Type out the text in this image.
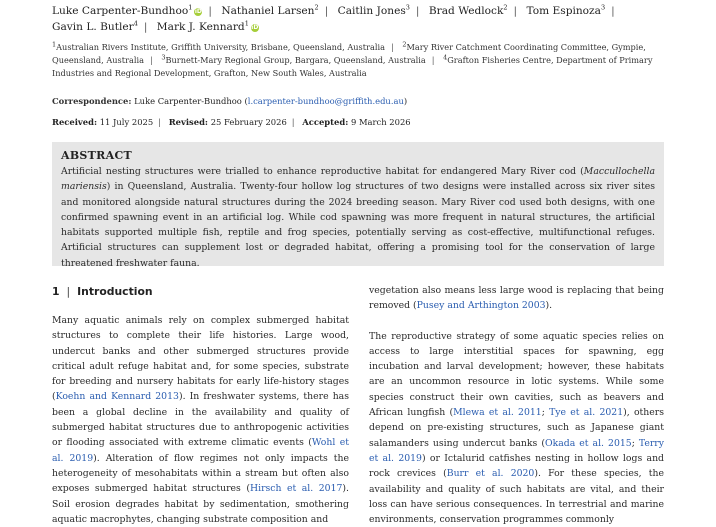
Luke Carpenter-Bundhoo$^1$iD | Nathaniel Larsen$^2$ | Caitlin Jones$^3$ | Brad Wedlock$^2$ | Tom Espinoza$^3$ |
Gavin L. Butler$^4$ | Mark J. Kennard$^1$iD
$^1$Australian Rivers Institute, Griffith University, Brisbane, Queensland, Australia | $^2$Mary River Catchment Coordinating Committee, Gympie, Queensland, Australia | $^3$Burnett-Mary Regional Group, Bargara, Queensland, Australia | $^4$Grafton Fisheries Centre, Department of Primary Industries and Regional Development, Grafton, New South Wales, Australia
Correspondence: Luke Carpenter-Bundhoo (l.carpenter-bundhoo@griffith.edu.au)
Received: 11 July 2025 | Revised: 25 February 2026 | Accepted: 9 March 2026
ABSTRACT
Artificial nesting structures were trialled to enhance reproductive habitat for endangered Mary River cod (Maccullochella mariensis) in Queensland, Australia. Twenty-four hollow log structures of two designs were installed across six river sites and monitored alongside natural structures during the 2024 breeding season. Mary River cod used both designs, with one confirmed spawning event in an artificial log. While cod spawning was more frequent in natural structures, the artificial habitats supported multiple fish, reptile and frog species, potentially serving as cost-effective, multifunctional refuges. Artificial structures can supplement lost or degraded habitat, offering a promising tool for the conservation of large threatened freshwater fauna.
1 | Introduction

Many aquatic animals rely on complex submerged habitat structures to complete their life histories. Large wood, undercut banks and other submerged structures provide critical adult refuge habitat and, for some species, substrate for breeding and nursery habitats for early life-history stages (Koehn and Kennard 2013). In freshwater systems, there has been a global decline in the availability and quality of submerged habitat structures due to anthropogenic activities or flooding associated with extreme climatic events (Wohl et al. 2019). Alteration of flow regimes not only impacts the heterogeneity of mesohabitats within a stream but often also exposes submerged habitat structures (Hirsch et al. 2017). Soil erosion degrades habitat by sedimentation, smothering aquatic macrophytes, changing substrate composition and

vegetation also means less large wood is replacing that being removed (Pusey and Arthington 2003).

The reproductive strategy of some aquatic species relies on access to large interstitial spaces for spawning, egg incubation and larval development; however, these habitats are an uncommon resource in lotic systems. While some species construct their own cavities, such as beavers and African lungfish (Mlewa et al. 2011; Tye et al. 2021), others depend on pre-existing structures, such as Japanese giant salamanders using undercut banks (Okada et al. 2015; Terry et al. 2019) or Ictalurid catfishes nesting in hollow logs and rock crevices (Burr et al. 2020). For these species, the availability and quality of such habitats are vital, and their loss can have serious consequences. In terrestrial and marine environments, conservation programmes commonly
